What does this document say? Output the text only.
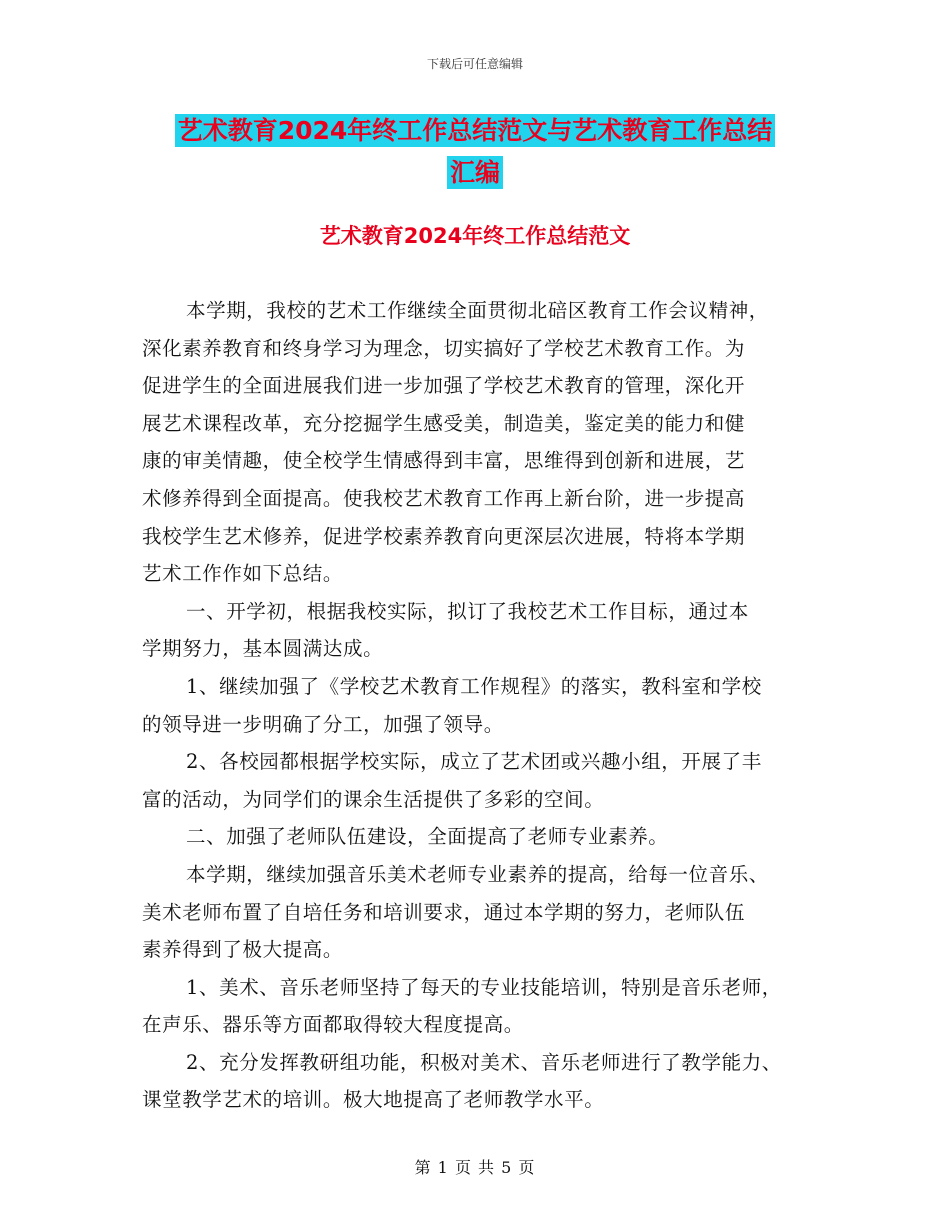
下载后可任意编辑
艺术教育2024年终工作总结范文与艺术教育工作总结
汇编
艺术教育2024年终工作总结范文
本学期，我校的艺术工作继续全面贯彻北碚区教育工作会议精神，
深化素养教育和终身学习为理念，切实搞好了学校艺术教育工作。为
促进学生的全面进展我们进一步加强了学校艺术教育的管理，深化开
展艺术课程改革，充分挖掘学生感受美，制造美，鉴定美的能力和健
康的审美情趣，使全校学生情感得到丰富，思维得到创新和进展，艺
术修养得到全面提高。使我校艺术教育工作再上新台阶，进一步提高
我校学生艺术修养，促进学校素养教育向更深层次进展，特将本学期
艺术工作作如下总结。
一、开学初，根据我校实际，拟订了我校艺术工作目标，通过本
学期努力，基本圆满达成。
1、继续加强了《学校艺术教育工作规程》的落实，教科室和学校
的领导进一步明确了分工，加强了领导。
2、各校园都根据学校实际，成立了艺术团或兴趣小组，开展了丰
富的活动，为同学们的课余生活提供了多彩的空间。
二、加强了老师队伍建设，全面提高了老师专业素养。
本学期，继续加强音乐美术老师专业素养的提高，给每一位音乐、
美术老师布置了自培任务和培训要求，通过本学期的努力，老师队伍
素养得到了极大提高。
1、美术、音乐老师坚持了每天的专业技能培训，特别是音乐老师，
在声乐、器乐等方面都取得较大程度提高。
2、充分发挥教研组功能，积极对美术、音乐老师进行了教学能力、
课堂教学艺术的培训。极大地提高了老师教学水平。
第 1 页 共 5 页
